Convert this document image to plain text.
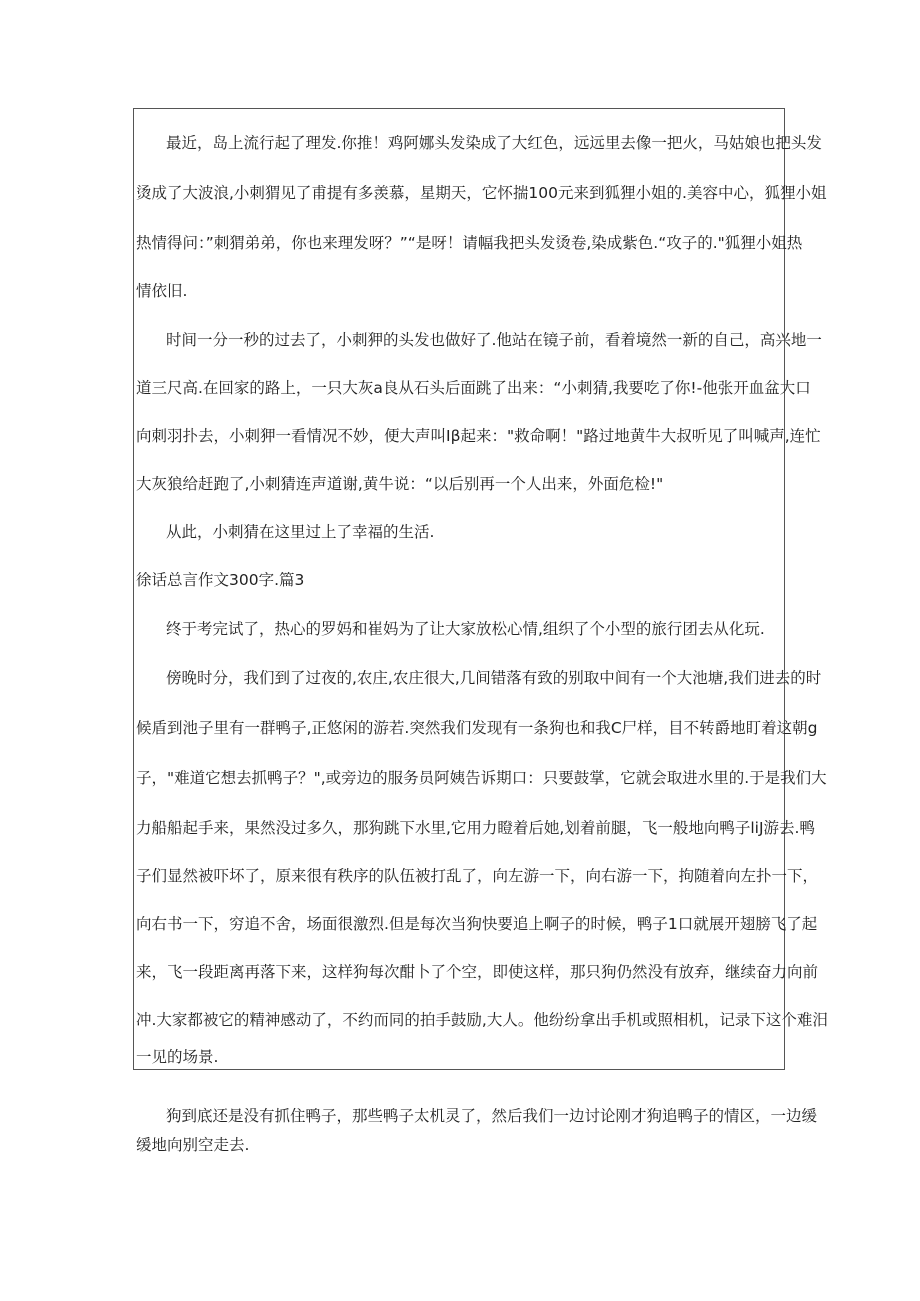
最近，岛上流行起了理发.你推！鸡阿娜头发染成了大红色，远远里去像一把火，马姑娘也把头发

烫成了大波浪,小刺猬见了甫提有多羡慕，星期天，它怀揣100元来到狐狸小姐的.美容中心，狐狸小姐

热情得问：”刺猬弟弟，你也来理发呀？”“是呀！请幅我把头发烫卷,染成紫色.“攻子的."狐狸小姐热

情依旧.

时间一分一秒的过去了，小刺狎的头发也做好了.他站在镜子前，看着境然一新的自己，高兴地一

道三尺高.在回家的路上，一只大灰a良从石头后面跳了出来：“小刺猜,我要吃了你!-他张开血盆大口

向刺羽扑去，小刺狎一看情况不妙，便大声叫Iβ起来："救命啊！"路过地黄牛大叔听见了叫喊声,连忙

大灰狼给赶跑了,小刺猜连声道谢,黄牛说：“以后别再一个人出来，外面危检!"

从此，小刺猜在这里过上了幸福的生活.

徐话总言作文300字.篇3

终于考完试了，热心的罗妈和崔妈为了让大家放松心情,组织了个小型的旅行团去从化玩.

傍晚时分，我们到了过夜的,农庄,农庄很大,几间错落有致的别取中间有一个大池塘,我们进去的时

候盾到池子里有一群鸭子,正悠闲的游若.突然我们发现有一条狗也和我C尸样，目不转爵地盯着这朝g

子，"难道它想去抓鸭子？",或旁边的服务员阿姨告诉期口：只要鼓掌，它就会取进水里的.于是我们大

力船船起手来，果然没过多久，那狗跳下水里,它用力瞪着后她,划着前腿，飞一般地向鸭子liJ游去.鸭

子们显然被吓坏了，原来很有秩序的队伍被打乱了，向左游一下，向右游一下，拘随着向左扑一下，

向右书一下，穷追不舍，场面很激烈.但是每次当狗快要追上啊子的时候，鸭子1口就展开翅膀飞了起

来，飞一段距离再落下来，这样狗每次酣卜了个空，即使这样，那只狗仍然没有放弃，继续奋力向前

冲.大家都被它的精神感动了，不约而同的拍手鼓励,大人。他纷纷拿出手机或照相机，记录下这个难汨

一见的场景.

狗到底还是没有抓住鸭子，那些鸭子太机灵了，然后我们一边讨论刚才狗追鸭子的情区，一边缓

缓地向别空走去.
